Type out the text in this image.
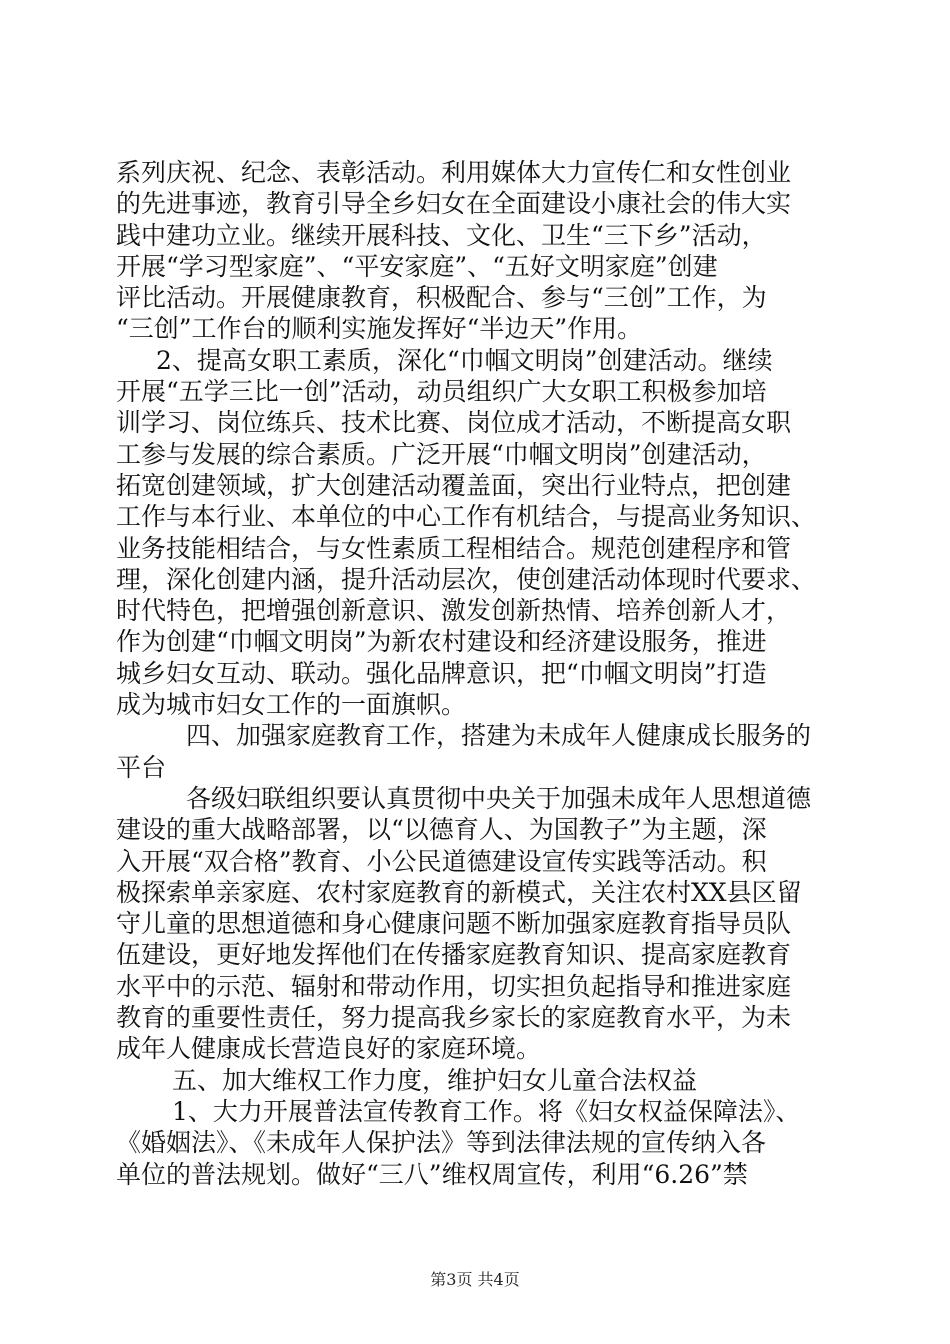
系列庆祝、纪念、表彰活动。利用媒体大力宣传仁和女性创业
的先进事迹，教育引导全乡妇女在全面建设小康社会的伟大实
践中建功立业。继续开展科技、文化、卫生“三下乡”活动，
开展“学习型家庭”、“平安家庭”、“五好文明家庭”创建
评比活动。开展健康教育，积极配合、参与“三创”工作，为
“三创”工作台的顺利实施发挥好“半边天”作用。
2、提高女职工素质，深化“巾帼文明岗”创建活动。继续
开展“五学三比一创”活动，动员组织广大女职工积极参加培
训学习、岗位练兵、技术比赛、岗位成才活动，不断提高女职
工参与发展的综合素质。广泛开展“巾帼文明岗”创建活动，
拓宽创建领域，扩大创建活动覆盖面，突出行业特点，把创建
工作与本行业、本单位的中心工作有机结合，与提高业务知识、
业务技能相结合，与女性素质工程相结合。规范创建程序和管
理，深化创建内涵，提升活动层次，使创建活动体现时代要求、
时代特色，把增强创新意识、激发创新热情、培养创新人才，
作为创建“巾帼文明岗”为新农村建设和经济建设服务，推进
城乡妇女互动、联动。强化品牌意识，把“巾帼文明岗”打造
成为城市妇女工作的一面旗帜。
四、加强家庭教育工作，搭建为未成年人健康成长服务的
平台
各级妇联组织要认真贯彻中央关于加强未成年人思想道德
建设的重大战略部署，以“以德育人、为国教子”为主题，深
入开展“双合格”教育、小公民道德建设宣传实践等活动。积
极探索单亲家庭、农村家庭教育的新模式，关注农村XX县区留
守儿童的思想道德和身心健康问题不断加强家庭教育指导员队
伍建设，更好地发挥他们在传播家庭教育知识、提高家庭教育
水平中的示范、辐射和带动作用，切实担负起指导和推进家庭
教育的重要性责任，努力提高我乡家长的家庭教育水平，为未
成年人健康成长营造良好的家庭环境。
五、加大维权工作力度，维护妇女儿童合法权益
1、大力开展普法宣传教育工作。将《妇女权益保障法》、
《婚姻法》、《未成年人保护法》等到法律法规的宣传纳入各
单位的普法规划。做好“三八”维权周宣传，利用“6.26”禁
第3页 共4页
